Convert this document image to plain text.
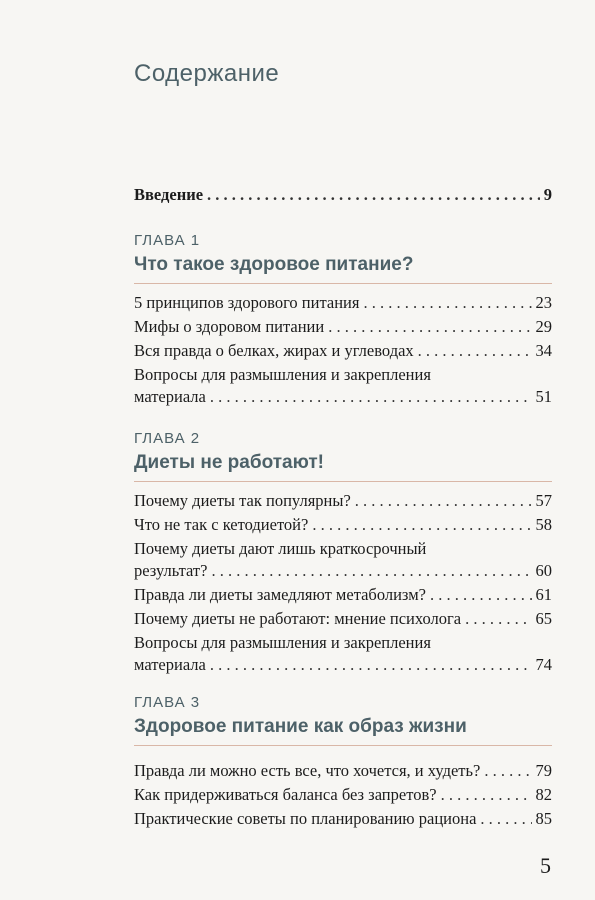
Содержание
Введение . . .	9
ГЛАВА 1
Что такое здоровое питание?
5 принципов здорового питания . . .	23
Мифы о здоровом питании . . .	29
Вся правда о белках, жирах и углеводах . . .	34
Вопросы для размышления и закрепления
материала . . .	51
ГЛАВА 2
Диеты не работают!
Почему диеты так популярны? . . .	57
Что не так с кетодиетой? . . .	58
Почему диеты дают лишь краткосрочный
результат? . . .	60
Правда ли диеты замедляют метаболизм? . . .	61
Почему диеты не работают: мнение психолога . . .	65
Вопросы для размышления и закрепления
материала . . .	74
ГЛАВА 3
Здоровое питание как образ жизни
Правда ли можно есть все, что хочется, и худеть? . . .	79
Как придерживаться баланса без запретов? . . .	82
Практические советы по планированию рациона . . .	85
5
